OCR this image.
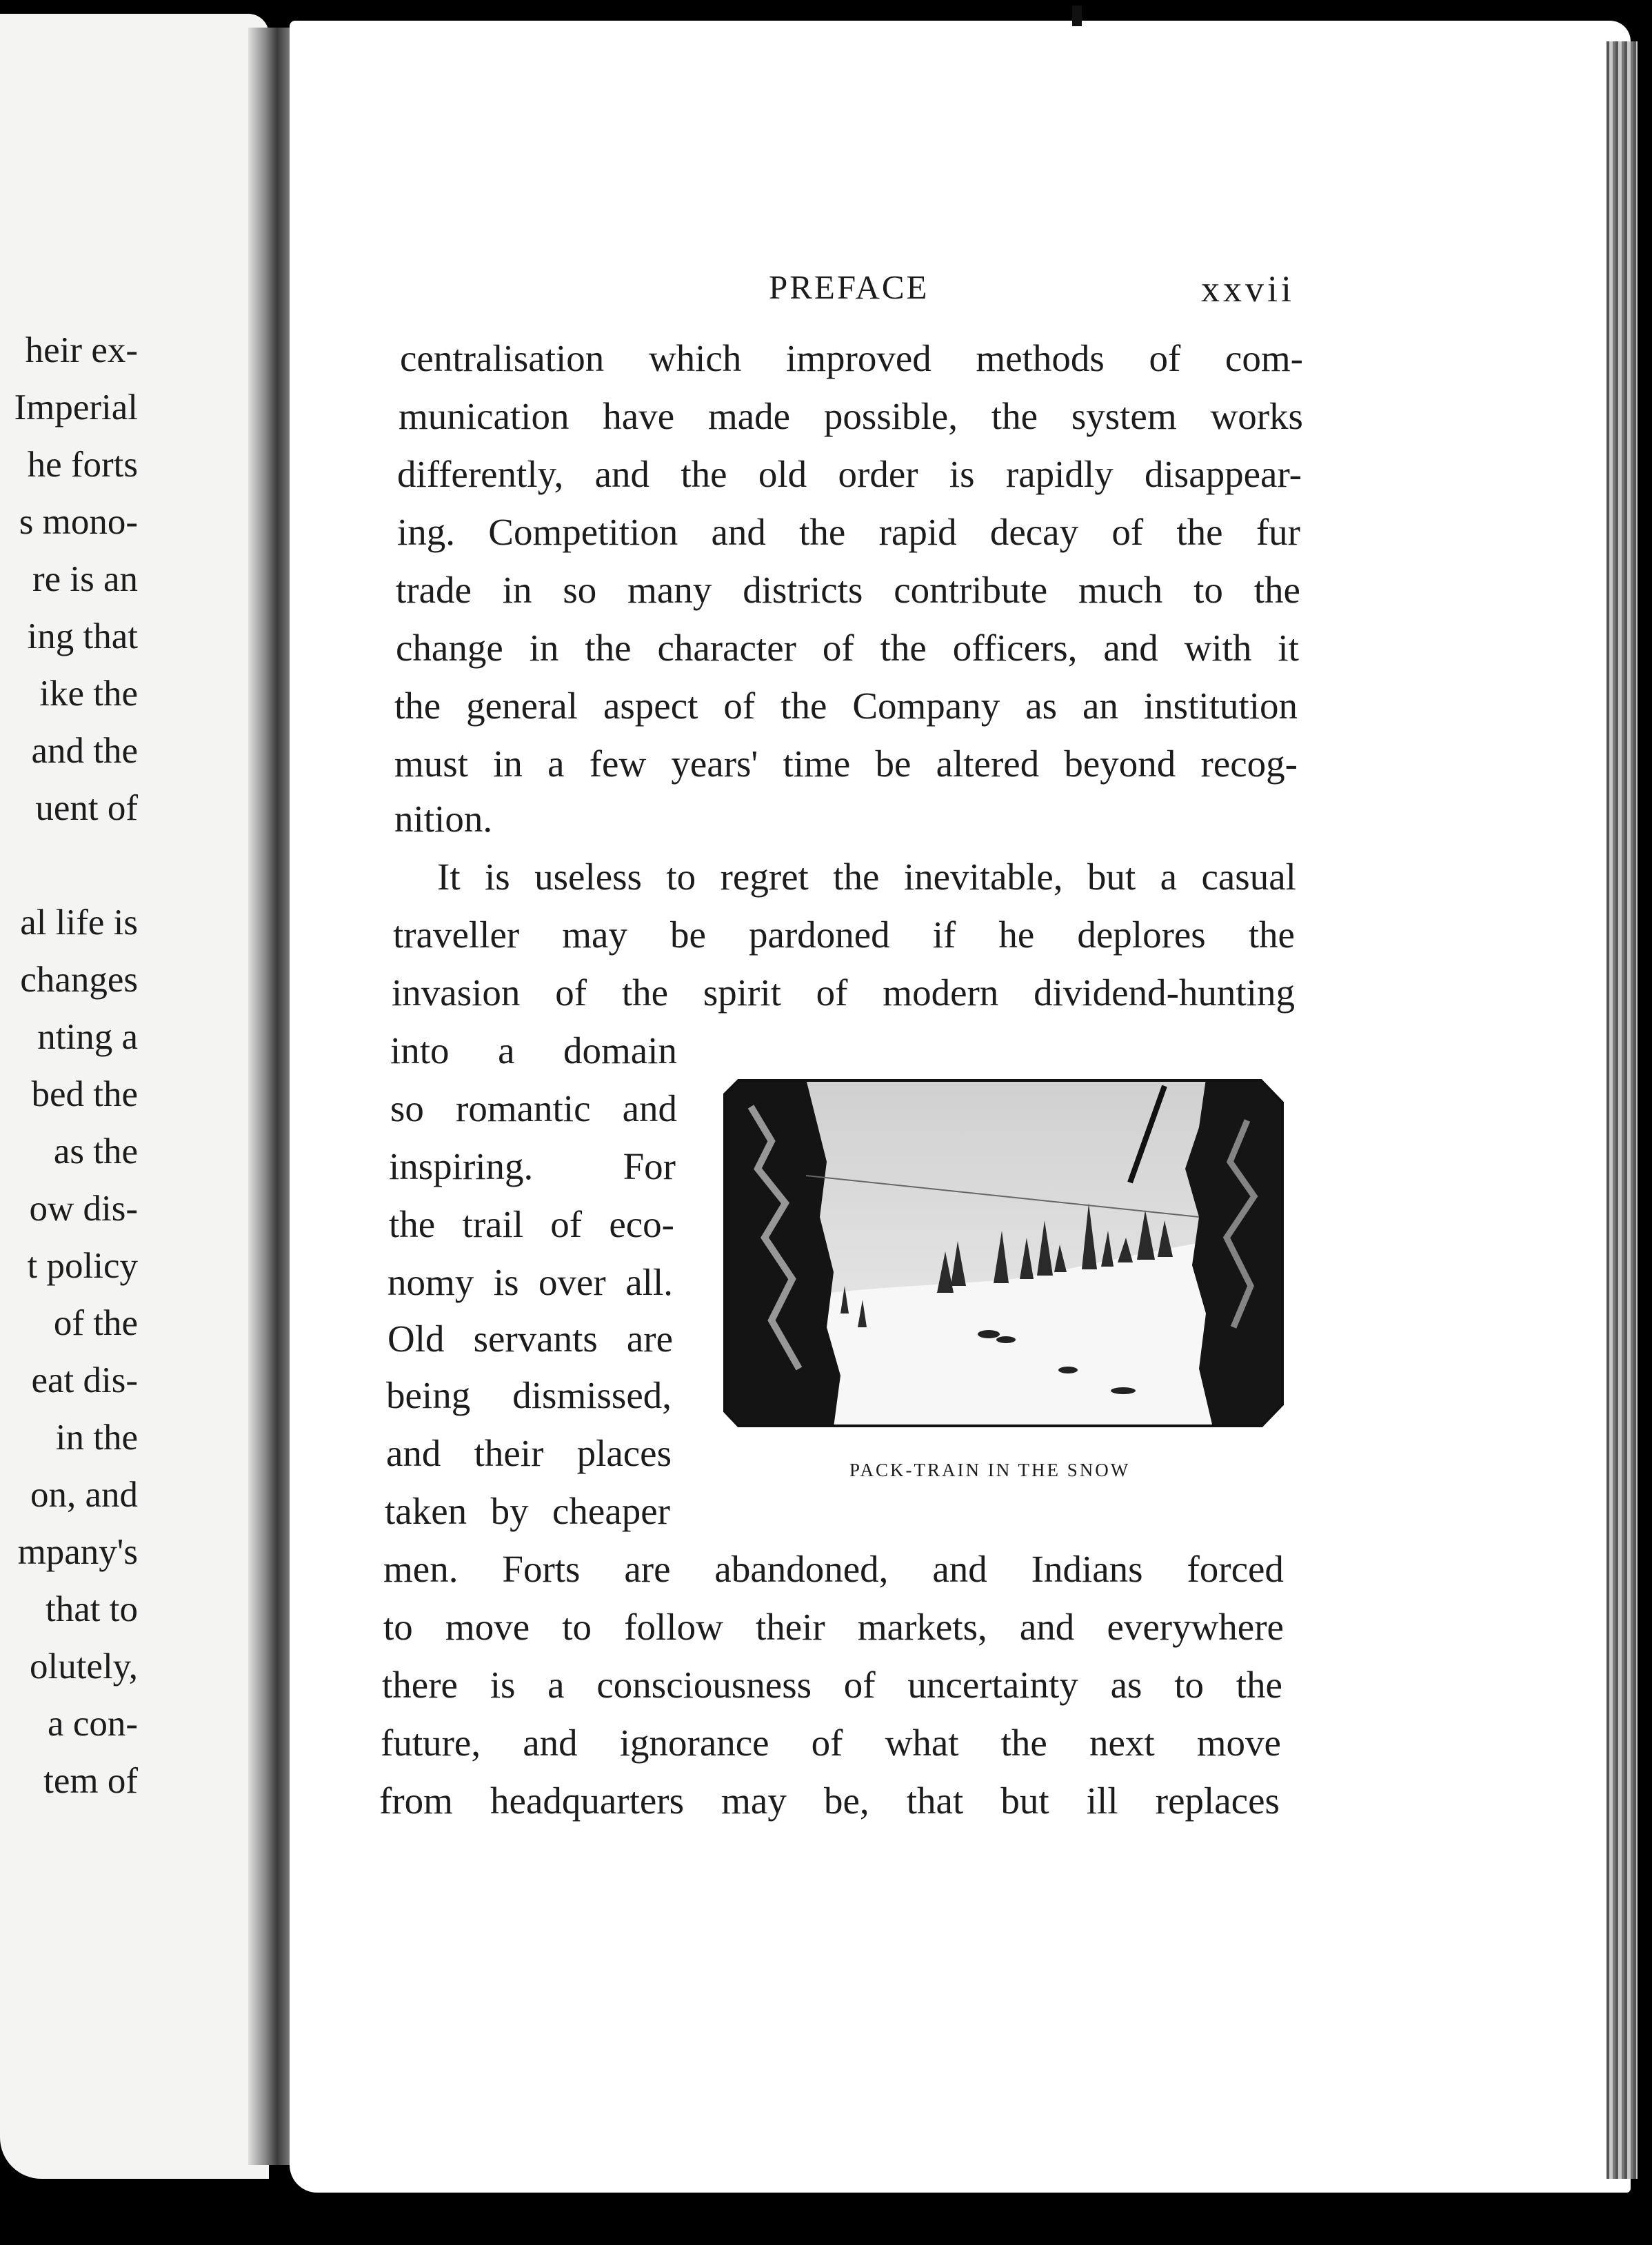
heir ex-
Imperial
he forts
s mono-
re is an
ing that
ike the
and the
uent of
al life is
changes
nting a
bed the
as the
ow dis-
t policy
of the
eat dis-
in the
on, and
mpany's
that to
olutely,
a con-
tem of
PREFACE	xxvii
centralisation which improved methods of com-
munication have made possible, the system works
differently, and the old order is rapidly disappear-
ing. Competition and the rapid decay of the fur
trade in so many districts contribute much to the
change in the character of the officers, and with it
the general aspect of the Company as an institution
must in a few years' time be altered beyond recog-
nition.
It is useless to regret the inevitable, but a casual
traveller may be pardoned if he deplores the
invasion of the spirit of modern dividend-hunting
into a domain
so romantic and
inspiring. For
the trail of eco-
nomy is over all.
Old servants are
being dismissed,
and their places
taken by cheaper
men. Forts are abandoned, and Indians forced
to move to follow their markets, and everywhere
there is a consciousness of uncertainty as to the
future, and ignorance of what the next move
from headquarters may be, that but ill replaces
PACK-TRAIN IN THE SNOW
